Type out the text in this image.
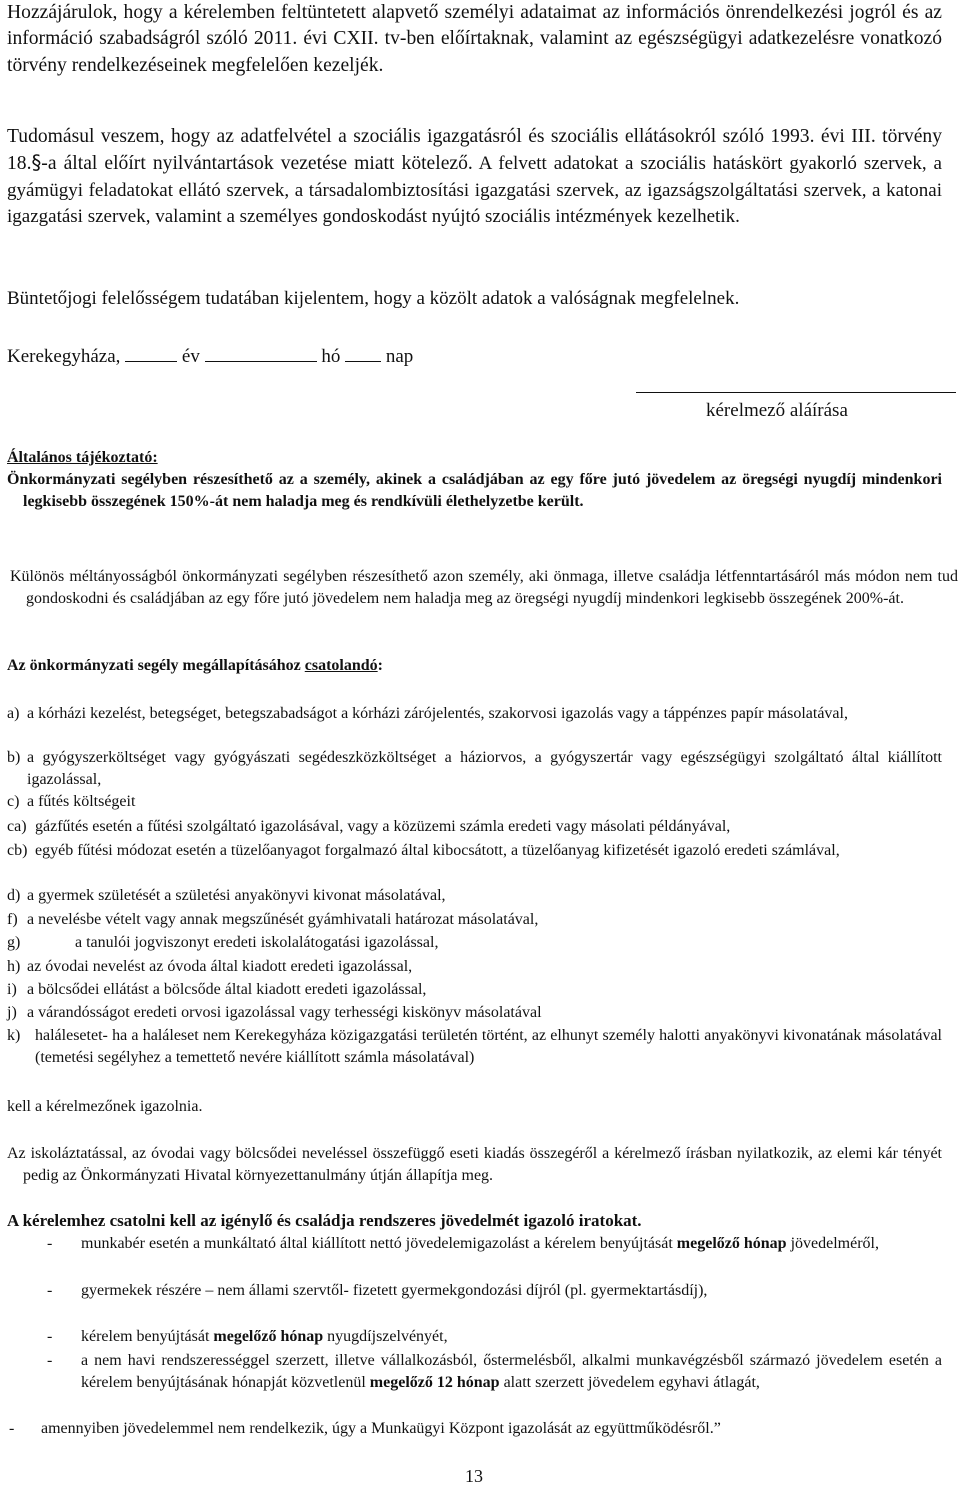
Hozzájárulok, hogy a kérelemben feltüntetett alapvető személyi adataimat az információs önrendelkezési jogról és az információ szabadságról szóló 2011. évi CXII. tv-ben előírtaknak, valamint az egészségügyi adatkezelésre vonatkozó törvény rendelkezéseinek megfelelően kezeljék.
Tudomásul veszem, hogy az adatfelvétel a szociális igazgatásról és szociális ellátásokról szóló 1993. évi III. törvény 18.§-a által előírt nyilvántartások vezetése miatt kötelező. A felvett adatokat a szociális hatáskört gyakorló szervek, a gyámügyi feladatokat ellátó szervek, a társadalombiztosítási igazgatási szervek, az igazságszolgáltatási szervek, a katonai igazgatási szervek, valamint a személyes gondoskodást nyújtó szociális intézmények kezelhetik.
Büntetőjogi felelősségem tudatában kijelentem, hogy a közölt adatok a valóságnak megfelelnek.
Kerekegyháza,	év	hó nap
kérelmező aláírása
Általános tájékoztató:
Önkormányzati segélyben részesíthető az a személy, akinek a családjában az egy főre jutó jövedelem az öregségi nyugdíj mindenkori legkisebb összegének 150%-át nem haladja meg és rendkívüli élethelyzetbe került.
Különös méltányosságból önkormányzati segélyben részesíthető azon személy, aki önmaga, illetve családja létfenntartásáról más módon nem tud gondoskodni és családjában az egy főre jutó jövedelem nem haladja meg az öregségi nyugdíj mindenkori legkisebb összegének 200%-át.
Az önkormányzati segély megállapításához csatolandó:
a) a kórházi kezelést, betegséget, betegszabadságot a kórházi zárójelentés, szakorvosi igazolás vagy a táppénzes papír másolatával,
b) a gyógyszerköltséget vagy gyógyászati segédeszközköltséget a háziorvos, a gyógyszertár vagy egészségügyi szolgáltató által kiállított igazolással,
c) a fűtés költségeit
ca) gázfűtés esetén a fűtési szolgáltató igazolásával, vagy a közüzemi számla eredeti vagy másolati példányával,
cb) egyéb fűtési módozat esetén a tüzelőanyagot forgalmazó által kibocsátott, a tüzelőanyag kifizetését igazoló eredeti számlával,
d) a gyermek születését a születési anyakönyvi kivonat másolatával,
f) a nevelésbe vételt vagy annak megszűnését gyámhivatali határozat másolatával,
g)	a tanulói jogviszonyt eredeti iskolalátogatási igazolással,
h) az óvodai nevelést az óvoda által kiadott eredeti igazolással,
i) a bölcsődei ellátást a bölcsőde által kiadott eredeti igazolással,
j) a várandósságot eredeti orvosi igazolással vagy terhességi kiskönyv másolatával
k) halálesetet- ha a haláleset nem Kerekegyháza közigazgatási területén történt, az elhunyt személy halotti anyakönyvi kivonatának másolatával (temetési segélyhez a temettető nevére kiállított számla másolatával)
kell a kérelmezőnek igazolnia.
Az iskoláztatással, az óvodai vagy bölcsődei neveléssel összefüggő eseti kiadás összegéről a kérelmező írásban nyilatkozik, az elemi kár tényét pedig az Önkormányzati Hivatal környezettanulmány útján állapítja meg.
A kérelemhez csatolni kell az igénylő és családja rendszeres jövedelmét igazoló iratokat.
- munkabér esetén a munkáltató által kiállított nettó jövedelemigazolást a kérelem benyújtását megelőző hónap jövedelméről,
- gyermekek részére – nem állami szervtől- fizetett gyermekgondozási díjról (pl. gyermektartásdíj),
- kérelem benyújtását megelőző hónap nyugdíjszelvényét,
- a nem havi rendszerességgel szerzett, illetve vállalkozásból, őstermelésből, alkalmi munkavégzésből származó jövedelem esetén a kérelem benyújtásának hónapját közvetlenül megelőző 12 hónap alatt szerzett jövedelem egyhavi átlagát,
- amennyiben jövedelemmel nem rendelkezik, úgy a Munkaügyi Központ igazolását az együttműködésről.”
13
